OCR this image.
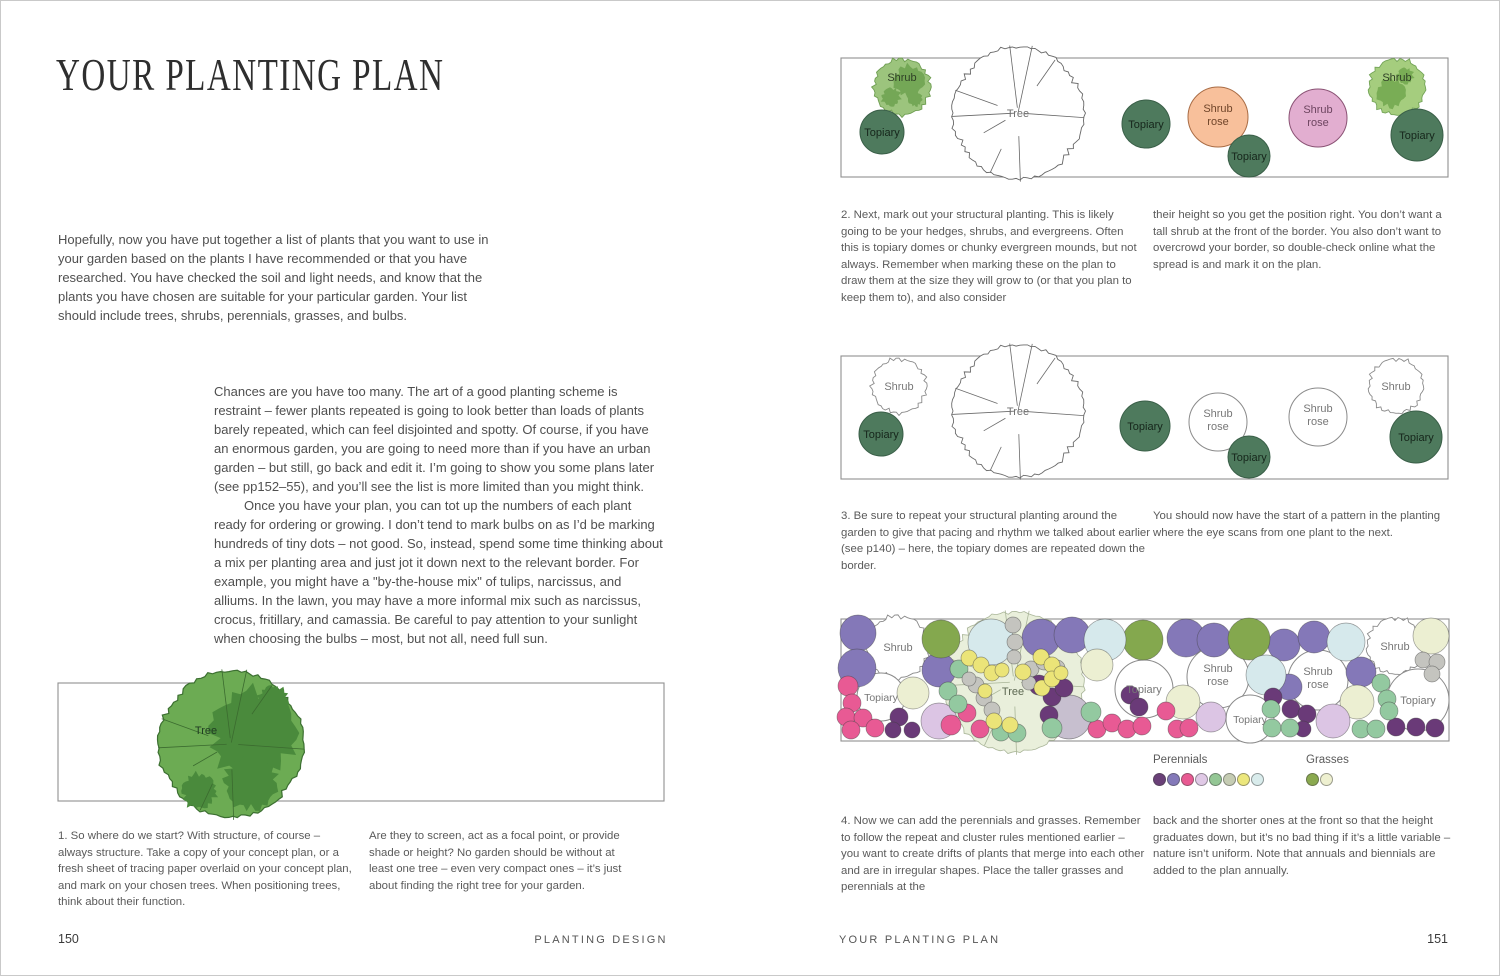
YOUR PLANTING PLAN

Hopefully, now you have put together a list of plants that you want to use in your garden based on the plants I have recommended or that you have researched. You have checked the soil and light needs, and know that the plants you have chosen are suitable for your particular garden. Your list should include trees, shrubs, perennials, grasses, and bulbs.

Chances are you have too many. The art of a good planting scheme is restraint – fewer plants repeated is going to look better than loads of plants barely repeated, which can feel disjointed and spotty. Of course, if you have an enormous garden, you are going to need more than if you have an urban garden – but still, go back and edit it. I’m going to show you some plans later (see pp152–55), and you’ll see the list is more limited than you might think.

Once you have your plan, you can tot up the numbers of each plant ready for ordering or growing. I don’t tend to mark bulbs on as I’d be marking hundreds of tiny dots – not good. So, instead, spend some time thinking about a mix per planting area and just jot it down next to the relevant border. For example, you might have a "by-the-house mix" of tulips, narcissus, and alliums. In the lawn, you may have a more informal mix such as narcissus, crocus, fritillary, and camassia. Be careful to pay attention to your sunlight when choosing the bulbs – most, but not all, need full sun.

1. So where do we start? With structure, of course – always structure. Take a copy of your concept plan, or a fresh sheet of tracing paper overlaid on your concept plan, and mark on your chosen trees. When positioning trees, think about their function.

Are they to screen, act as a focal point, or provide shade or height? No garden should be without at least one tree – even very compact ones – it’s just about finding the right tree for your garden.

150	PLANTING DESIGN

2. Next, mark out your structural planting. This is likely going to be your hedges, shrubs, and evergreens. Often this is topiary domes or chunky evergreen mounds, but not always. Remember when marking these on the plan to draw them at the size they will grow to (or that you plan to keep them to), and also consider

their height so you get the position right. You don’t want a tall shrub at the front of the border. You also don’t want to overcrowd your border, so double-check online what the spread is and mark it on the plan.

3. Be sure to repeat your structural planting around the garden to give that pacing and rhythm we talked about earlier (see p140) – here, the topiary domes are repeated down the border.

You should now have the start of a pattern in the planting where the eye scans from one plant to the next.

Perennials	Grasses

4. Now we can add the perennials and grasses. Remember to follow the repeat and cluster rules mentioned earlier – you want to create drifts of plants that merge into each other and are in irregular shapes. Place the taller grasses and perennials at the

back and the shorter ones at the front so that the height graduates down, but it’s no bad thing if it’s a little variable – nature isn’t uniform. Note that annuals and biennials are added to the plan annually.

YOUR PLANTING PLAN	151
Tree
Shrub
Topiary
Tree
Topiary
Shrub rose
Topiary
Shrub rose
Shrub
Topiary
Shrub
Topiary
Tree
Topiary
Shrub rose
Topiary
Shrub rose
Shrub
Topiary
Shrub
Topiary	Tree	Topiary
Shrub rose
Topiary
Shrub rose
Shrub
Topiary
